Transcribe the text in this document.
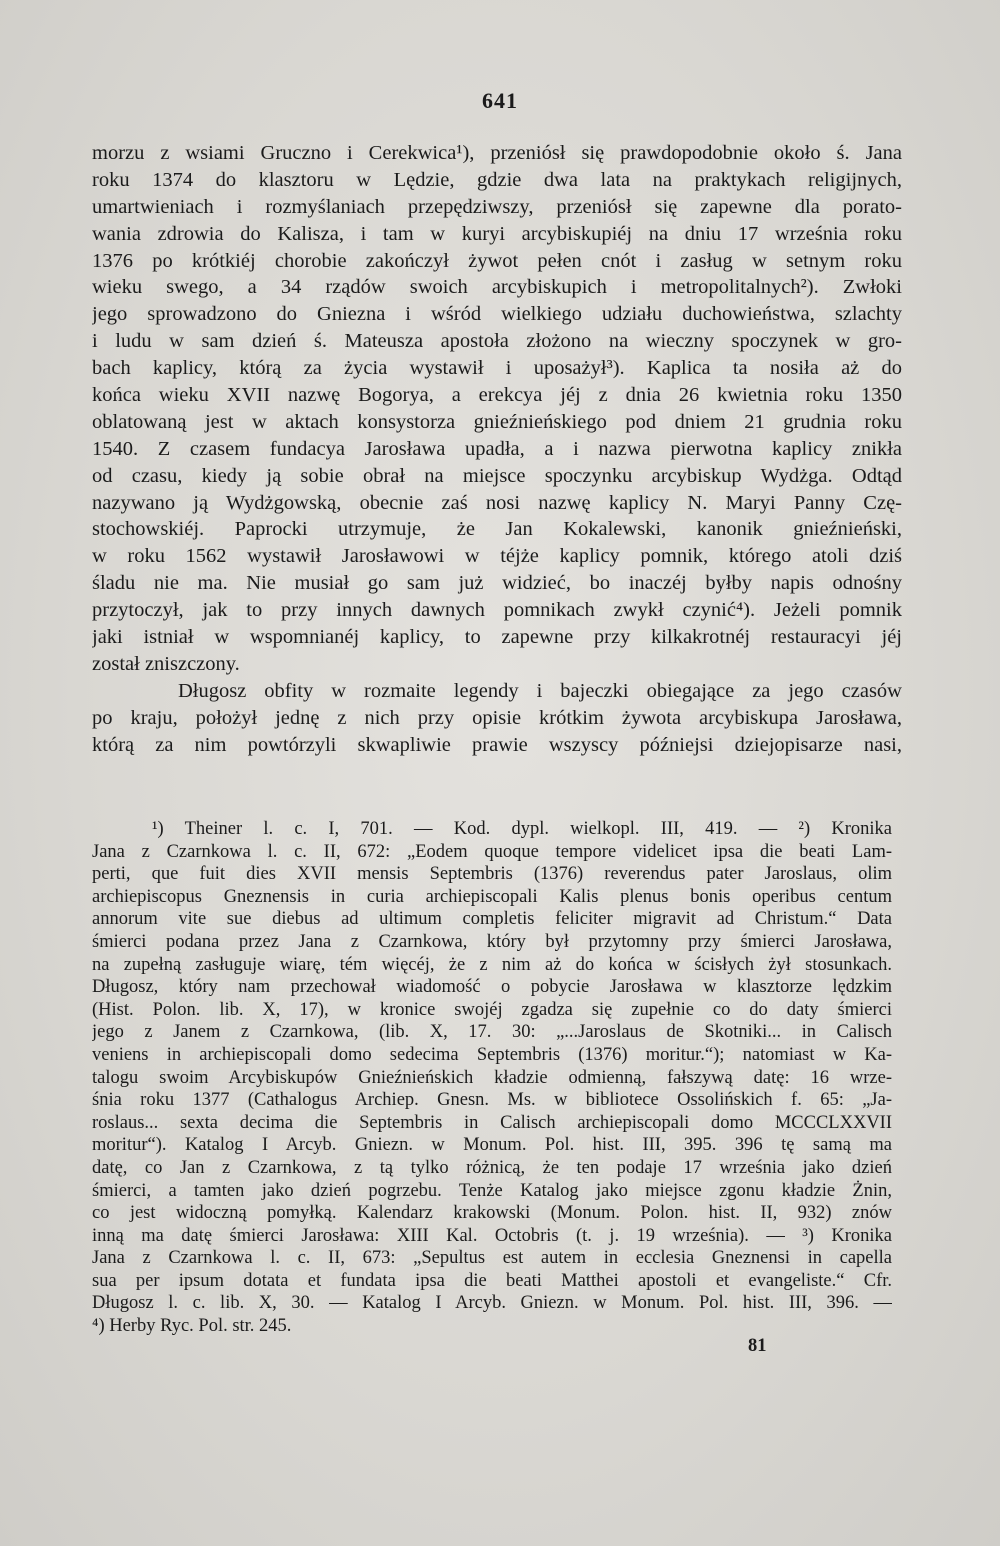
641
morzu z wsiami Gruczno i Cerekwica¹), przeniósł się prawdopodobnie około ś. Jana
roku 1374 do klasztoru w Lędzie, gdzie dwa lata na praktykach religijnych,
umartwieniach i rozmyślaniach przepędziwszy, przeniósł się zapewne dla porato-
wania zdrowia do Kalisza, i tam w kuryi arcybiskupiéj na dniu 17 września roku
1376 po krótkiéj chorobie zakończył żywot pełen cnót i zasług w setnym roku
wieku swego, a 34 rządów swoich arcybiskupich i metropolitalnych²). Zwłoki
jego sprowadzono do Gniezna i wśród wielkiego udziału duchowieństwa, szlachty
i ludu w sam dzień ś. Mateusza apostoła złożono na wieczny spoczynek w gro-
bach kaplicy, którą za życia wystawił i uposażył³). Kaplica ta nosiła aż do
końca wieku XVII nazwę Bogorya, a erekcya jéj z dnia 26 kwietnia roku 1350
oblatowaną jest w aktach konsystorza gnieźnieńskiego pod dniem 21 grudnia roku
1540. Z czasem fundacya Jarosława upadła, a i nazwa pierwotna kaplicy znikła
od czasu, kiedy ją sobie obrał na miejsce spoczynku arcybiskup Wydżga. Odtąd
nazywano ją Wydżgowską, obecnie zaś nosi nazwę kaplicy N. Maryi Panny Czę-
stochowskiéj. Paprocki utrzymuje, że Jan Kokalewski, kanonik gnieźnieński,
w roku 1562 wystawił Jarosławowi w téjże kaplicy pomnik, którego atoli dziś
śladu nie ma. Nie musiał go sam już widzieć, bo inaczéj byłby napis odnośny
przytoczył, jak to przy innych dawnych pomnikach zwykł czynić⁴). Jeżeli pomnik
jaki istniał w wspomnianéj kaplicy, to zapewne przy kilkakrotnéj restauracyi jéj
został zniszczony.
Długosz obfity w rozmaite legendy i bajeczki obiegające za jego czasów
po kraju, położył jednę z nich przy opisie krótkim żywota arcybiskupa Jarosława,
którą za nim powtórzyli skwapliwie prawie wszyscy późniejsi dziejopisarze nasi,
¹) Theiner l. c. I, 701. — Kod. dypl. wielkopl. III, 419. — ²) Kronika
Jana z Czarnkowa l. c. II, 672: „Eodem quoque tempore videlicet ipsa die beati Lam-
perti, que fuit dies XVII mensis Septembris (1376) reverendus pater Jaroslaus, olim
archiepiscopus Gneznensis in curia archiepiscopali Kalis plenus bonis operibus centum
annorum vite sue diebus ad ultimum completis feliciter migravit ad Christum.“ Data
śmierci podana przez Jana z Czarnkowa, który był przytomny przy śmierci Jarosława,
na zupełną zasługuje wiarę, tém więcéj, że z nim aż do końca w ścisłych żył stosunkach.
Długosz, który nam przechował wiadomość o pobycie Jarosława w klasztorze lędzkim
(Hist. Polon. lib. X, 17), w kronice swojéj zgadza się zupełnie co do daty śmierci
jego z Janem z Czarnkowa, (lib. X, 17. 30: „...Jaroslaus de Skotniki... in Calisch
veniens in archiepiscopali domo sedecima Septembris (1376) moritur.“); natomiast w Ka-
talogu swoim Arcybiskupów Gnieźnieńskich kładzie odmienną, fałszywą datę: 16 wrze-
śnia roku 1377 (Cathalogus Archiep. Gnesn. Ms. w bibliotece Ossolińskich f. 65: „Ja-
roslaus... sexta decima die Septembris in Calisch archiepiscopali domo MCCCLXXVII
moritur“). Katalog I Arcyb. Gniezn. w Monum. Pol. hist. III, 395. 396 tę samą ma
datę, co Jan z Czarnkowa, z tą tylko różnicą, że ten podaje 17 września jako dzień
śmierci, a tamten jako dzień pogrzebu. Tenże Katalog jako miejsce zgonu kładzie Żnin,
co jest widoczną pomyłką. Kalendarz krakowski (Monum. Polon. hist. II, 932) znów
inną ma datę śmierci Jarosława: XIII Kal. Octobris (t. j. 19 września). — ³) Kronika
Jana z Czarnkowa l. c. II, 673: „Sepultus est autem in ecclesia Gneznensi in capella
sua per ipsum dotata et fundata ipsa die beati Matthei apostoli et evangeliste.“ Cfr.
Długosz l. c. lib. X, 30. — Katalog I Arcyb. Gniezn. w Monum. Pol. hist. III, 396. —
⁴) Herby Ryc. Pol. str. 245.
81
